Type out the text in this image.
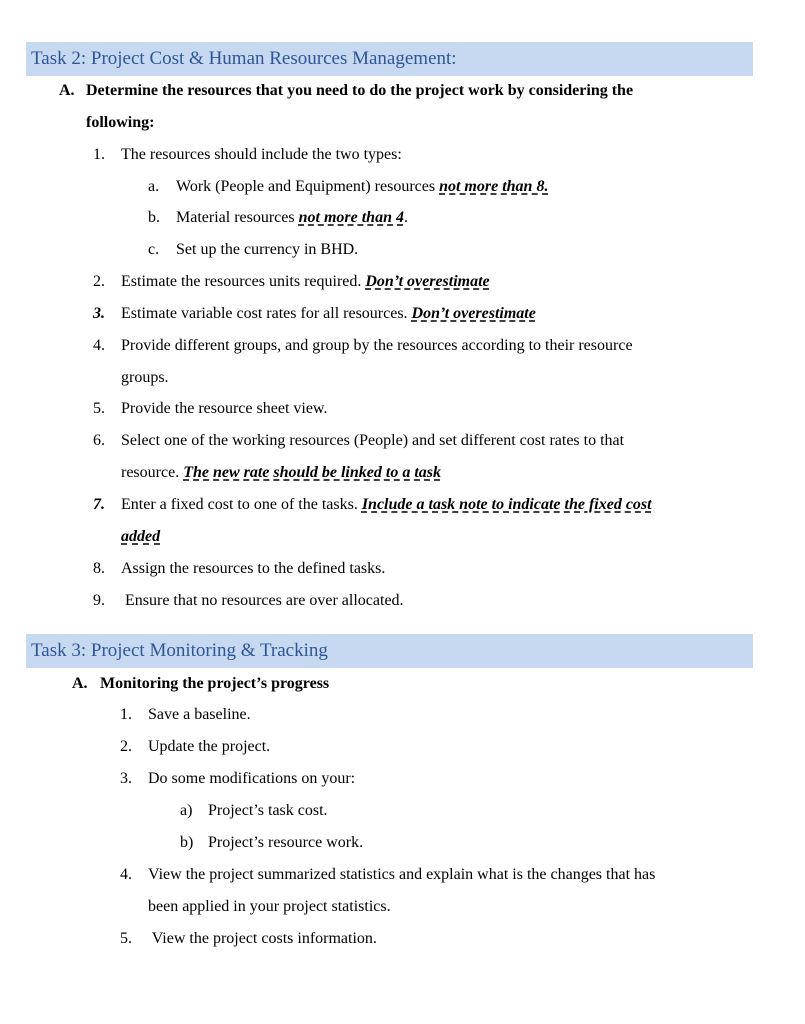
Task 2: Project Cost & Human Resources Management:
A. Determine the resources that you need to do the project work by considering the
following:
1. The resources should include the two types:
a. Work (People and Equipment) resources not more than 8.
b. Material resources not more than 4.
c. Set up the currency in BHD.
2. Estimate the resources units required. Don’t overestimate
3. Estimate variable cost rates for all resources. Don’t overestimate
4. Provide different groups, and group by the resources according to their resource
groups.
5. Provide the resource sheet view.
6. Select one of the working resources (People) and set different cost rates to that
resource. The new rate should be linked to a task
7. Enter a fixed cost to one of the tasks. Include a task note to indicate the fixed cost
added
8. Assign the resources to the defined tasks.
9. Ensure that no resources are over allocated.
Task 3: Project Monitoring & Tracking
A. Monitoring the project’s progress
1. Save a baseline.
2. Update the project.
3. Do some modifications on your:
a) Project’s task cost.
b) Project’s resource work.
4. View the project summarized statistics and explain what is the changes that has
been applied in your project statistics.
5. View the project costs information.
